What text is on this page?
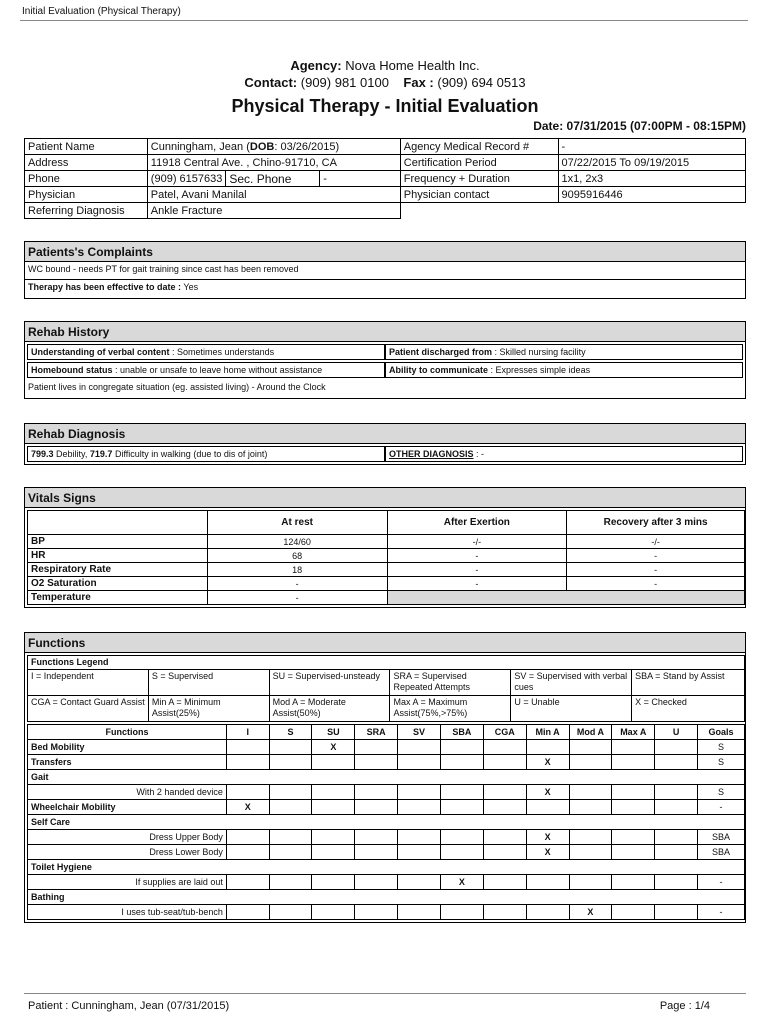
Initial Evaluation (Physical Therapy)
Agency: Nova Home Health Inc.
Contact: (909) 981 0100 Fax : (909) 694 0513
Physical Therapy - Initial Evaluation
Date: 07/31/2015 (07:00PM - 08:15PM)
Patient Name	Cunningham, Jean (DOB: 03/26/2015)			Agency Medical Record #	-
Address	11918 Central Ave. , Chino-91710, CA			Certification Period	07/22/2015 To 09/19/2015
Phone	(909) 6157633	Sec. Phone	-	Frequency + Duration	1x1, 2x3
Physician	Patel, Avani Manilal			Physician contact	9095916446
Referring Diagnosis	Ankle Fracture				
Patients's Complaints
WC bound - needs PT for gait training since cast has been removed
Therapy has been effective to date : Yes
Rehab History
Understanding of verbal content : Sometimes understands	Patient discharged from : Skilled nursing facility
Homebound status : unable or unsafe to leave home without assistance	Ability to communicate : Expresses simple ideas
Patient lives in congregate situation (eg. assisted living) - Around the Clock
Rehab Diagnosis
799.3 Debility, 719.7 Difficulty in walking (due to dis of joint)	OTHER DIAGNOSIS : -
Vitals Signs
	At rest	After Exertion	Recovery after 3 mins
BP	124/60	-/-	-/-
HR	68	-	-
Respiratory Rate	18	-	-
O2 Saturation	-	-	-
Temperature	-		
Functions
Functions Legend					
I = Independent	S = Supervised	SU = Supervised-unsteady	SRA = Supervised Repeated Attempts	SV = Supervised with verbal cues	SBA = Stand by Assist
CGA = Contact Guard Assist	Min A = Minimum Assist(25%)	Mod A = Moderate Assist(50%)	Max A = Maximum Assist(75%,>75%)	U = Unable	X = Checked
Functions	I	S	SU	SRA	SV	SBA	CGA	Min A	Mod A	Max A	U	Goals
Bed Mobility			X									S
Transfers								X				S
Gait												
With 2 handed device								X				S
Wheelchair Mobility	X											-
Self Care												
Dress Upper Body								X				SBA
Dress Lower Body								X				SBA
Toilet Hygiene												
If supplies are laid out						X						-
Bathing												
I uses tub-seat/tub-bench									X			-
Patient : Cunningham, Jean (07/31/2015)	Page : 1/4
